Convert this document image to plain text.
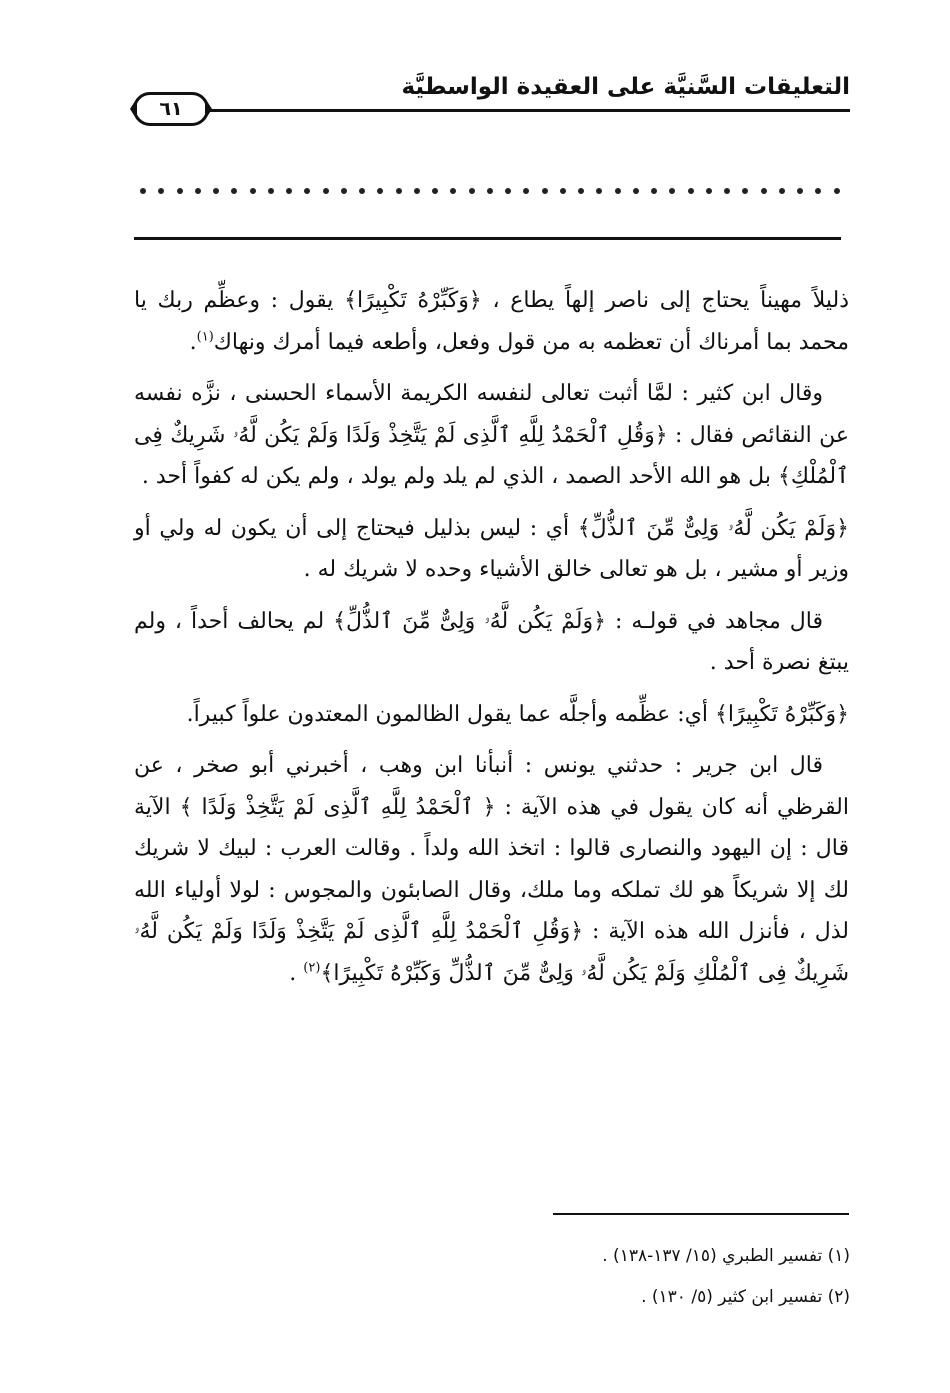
التعليقات السَّنيَّة على العقيدة الواسطيَّة
٦١

ذليلاً مهيناً يحتاج إلى ناصر إلهاً يطاع ، ﴿وَكَبِّرْهُ تَكْبِيرًا﴾ يقول : وعظِّم ربك يا محمد بما أمرناك أن تعظمه به من قول وفعل، وأطعه فيما أمرك ونهاك$^{(١)}$.

وقال ابن كثير : لمَّا أثبت تعالى لنفسه الكريمة الأسماء الحسنى ، نزَّه نفسه عن النقائص فقال : ﴿وَقُلِ ٱلْحَمْدُ لِلَّهِ ٱلَّذِى لَمْ يَتَّخِذْ وَلَدًا وَلَمْ يَكُن لَّهُۥ شَرِيكٌ فِى ٱلْمُلْكِ﴾ بل هو الله الأحد الصمد ، الذي لم يلد ولم يولد ، ولم يكن له كفواً أحد .

﴿وَلَمْ يَكُن لَّهُۥ وَلِىٌّ مِّنَ ٱلذُّلِّ﴾ أي : ليس بذليل فيحتاج إلى أن يكون له ولي أو وزير أو مشير ، بل هو تعالى خالق الأشياء وحده لا شريك له .

قال مجاهد في قولـه : ﴿وَلَمْ يَكُن لَّهُۥ وَلِىٌّ مِّنَ ٱلذُّلِّ﴾ لم يحالف أحداً ، ولم يبتغ نصرة أحد .

﴿وَكَبِّرْهُ تَكْبِيرًا﴾ أي: عظِّمه وأجلَّه عما يقول الظالمون المعتدون علواً كبيراً.

قال ابن جرير : حدثني يونس : أنبأنا ابن وهب ، أخبرني أبو صخر ، عن القرظي أنه كان يقول في هذه الآية : ﴿ ٱلْحَمْدُ لِلَّهِ ٱلَّذِى لَمْ يَتَّخِذْ وَلَدًا ﴾ الآية قال : إن اليهود والنصارى قالوا : اتخذ الله ولداً . وقالت العرب : لبيك لا شريك لك إلا شريكاً هو لك تملكه وما ملك، وقال الصابئون والمجوس : لولا أولياء الله لذل ، فأنزل الله هذه الآية : ﴿وَقُلِ ٱلْحَمْدُ لِلَّهِ ٱلَّذِى لَمْ يَتَّخِذْ وَلَدًا وَلَمْ يَكُن لَّهُۥ شَرِيكٌ فِى ٱلْمُلْكِ وَلَمْ يَكُن لَّهُۥ وَلِىٌّ مِّنَ ٱلذُّلِّ وَكَبِّرْهُ تَكْبِيرًا﴾$^{(٢)}$ .

(١) تفسير الطبري (١٥/ ١٣٧-١٣٨) .
(٢) تفسير ابن كثير (٥/ ١٣٠) .
